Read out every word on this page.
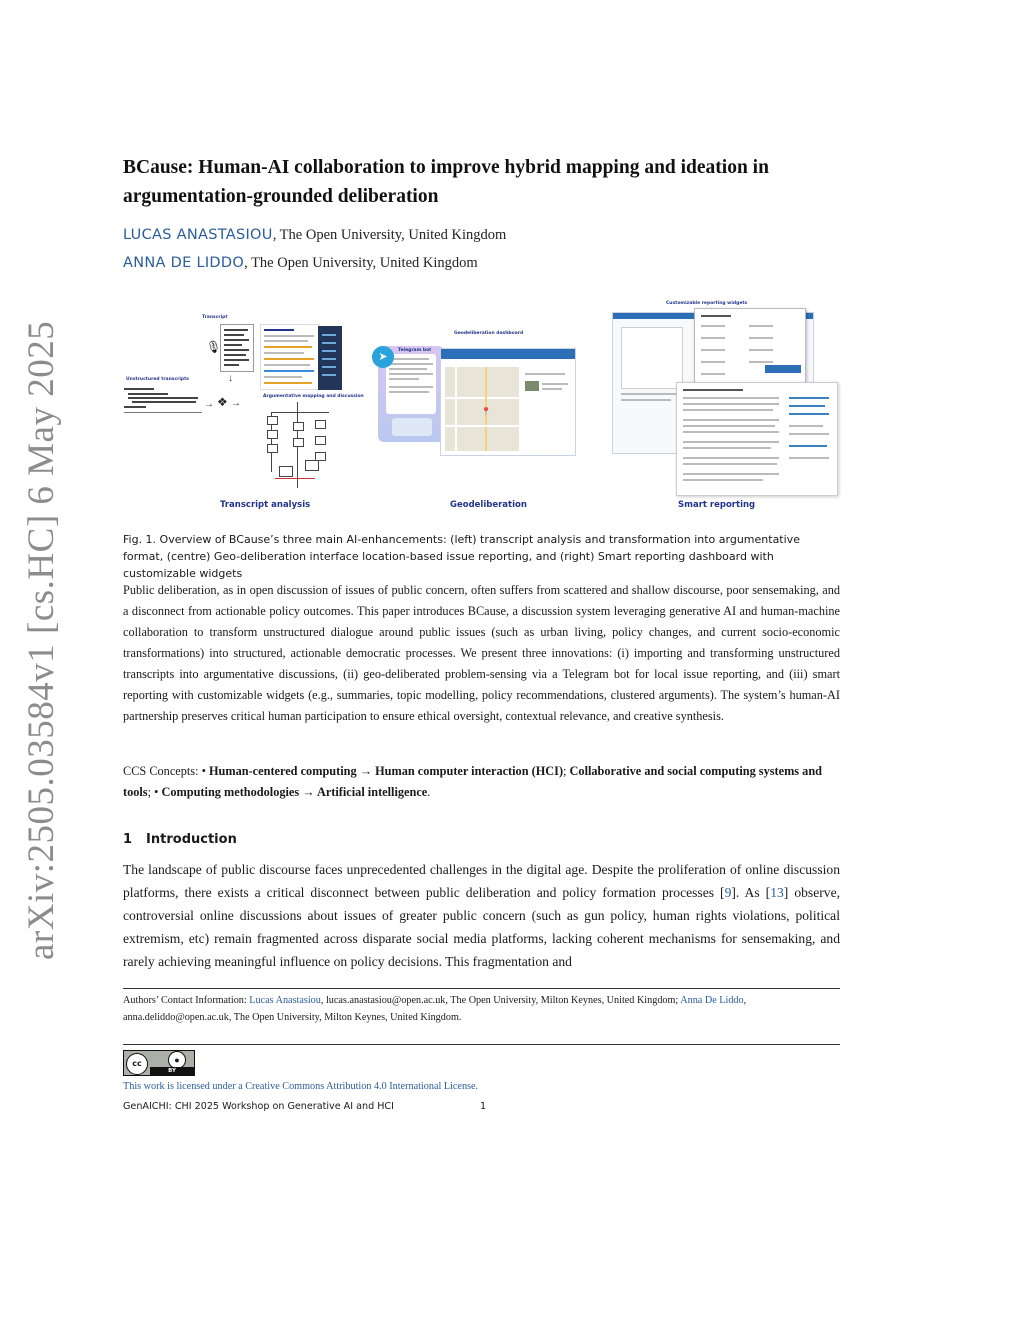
arXiv:2505.03584v1 [cs.HC] 6 May 2025
BCause: Human-AI collaboration to improve hybrid mapping and ideation in argumentation-grounded deliberation
LUCAS ANASTASIOU, The Open University, United Kingdom
ANNA DE LIDDO, The Open University, United Kingdom
Transcript
🎙
Unstructured transcripts
→ ❖ →
↓
Argumentative mapping and discussion
Transcript analysis
Geodeliberation dashboard
➤
Telegram bot
📍
Geodeliberation
Customizable reporting widgets
Smart reporting
Fig. 1. Overview of BCause’s three main AI-enhancements: (left) transcript analysis and transformation into argumentative format, (centre) Geo-deliberation interface location-based issue reporting, and (right) Smart reporting dashboard with customizable widgets
Public deliberation, as in open discussion of issues of public concern, often suffers from scattered and shallow discourse, poor sensemaking, and a disconnect from actionable policy outcomes. This paper introduces BCause, a discussion system leveraging generative AI and human-machine collaboration to transform unstructured dialogue around public issues (such as urban living, policy changes, and current socio-economic transformations) into structured, actionable democratic processes. We present three innovations: (i) importing and transforming unstructured transcripts into argumentative discussions, (ii) geo-deliberated problem-sensing via a Telegram bot for local issue reporting, and (iii) smart reporting with customizable widgets (e.g., summaries, topic modelling, policy recommendations, clustered arguments). The system’s human-AI partnership preserves critical human participation to ensure ethical oversight, contextual relevance, and creative synthesis.
CCS Concepts: • Human-centered computing → Human computer interaction (HCI); Collaborative and social computing systems and tools; • Computing methodologies → Artificial intelligence.
1 Introduction
The landscape of public discourse faces unprecedented challenges in the digital age. Despite the proliferation of online discussion platforms, there exists a critical disconnect between public deliberation and policy formation processes [9]. As [13] observe, controversial online discussions about issues of greater public concern (such as gun policy, human rights violations, political extremism, etc) remain fragmented across disparate social media platforms, lacking coherent mechanisms for sensemaking, and rarely achieving meaningful influence on policy decisions. This fragmentation and
Authors’ Contact Information: Lucas Anastasiou, lucas.anastasiou@open.ac.uk, The Open University, Milton Keynes, United Kingdom; Anna De Liddo, anna.deliddo@open.ac.uk, The Open University, Milton Keynes, United Kingdom.
cc	●
BY
This work is licensed under a Creative Commons Attribution 4.0 International License.
GenAICHI: CHI 2025 Workshop on Generative AI and HCI	1
